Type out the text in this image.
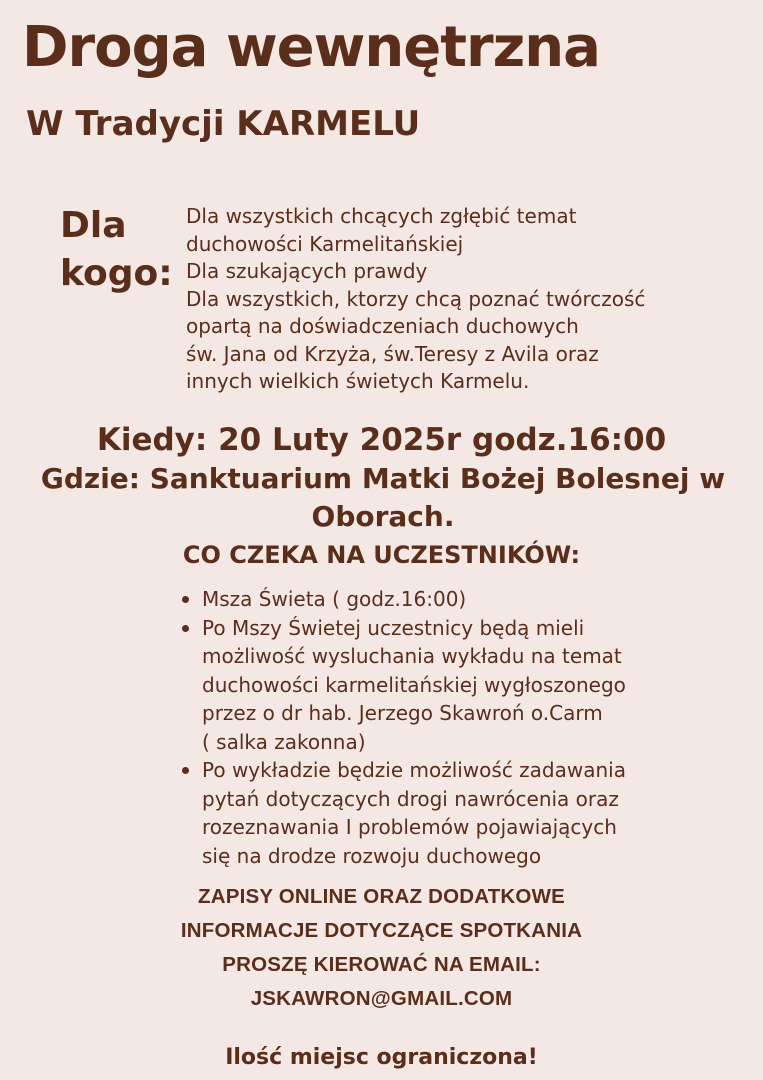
Droga wewnętrzna
W Tradycji KARMELU
Dla
kogo:
Dla wszystkich chcących zgłębić temat
duchowości Karmelitańskiej
Dla szukających prawdy
Dla wszystkich, ktorzy chcą poznać twórczość
opartą na doświadczeniach duchowych
św. Jana od Krzyża, św.Teresy z Avila oraz
innych wielkich świetych Karmelu.
Kiedy: 20 Luty 2025r godz.16:00
Gdzie: Sanktuarium Matki Bożej Bolesnej w Oborach.
CO CZEKA NA UCZESTNIKÓW:
Msza Świeta ( godz.16:00)
Po Mszy Świetej uczestnicy będą mieli
możliwość wysluchania wykładu na temat
duchowości karmelitańskiej wygłoszonego
przez o dr hab. Jerzego Skawroń o.Carm
( salka zakonna)
Po wykładzie będzie możliwość zadawania
pytań dotyczących drogi nawrócenia oraz
rozeznawania I problemów pojawiających
się na drodze rozwoju duchowego
ZAPISY ONLINE ORAZ DODATKOWE
INFORMACJE DOTYCZĄCE SPOTKANIA
PROSZĘ KIEROWAĆ NA EMAIL:
JSKAWRON@GMAIL.COM
Ilość miejsc ograniczona!
